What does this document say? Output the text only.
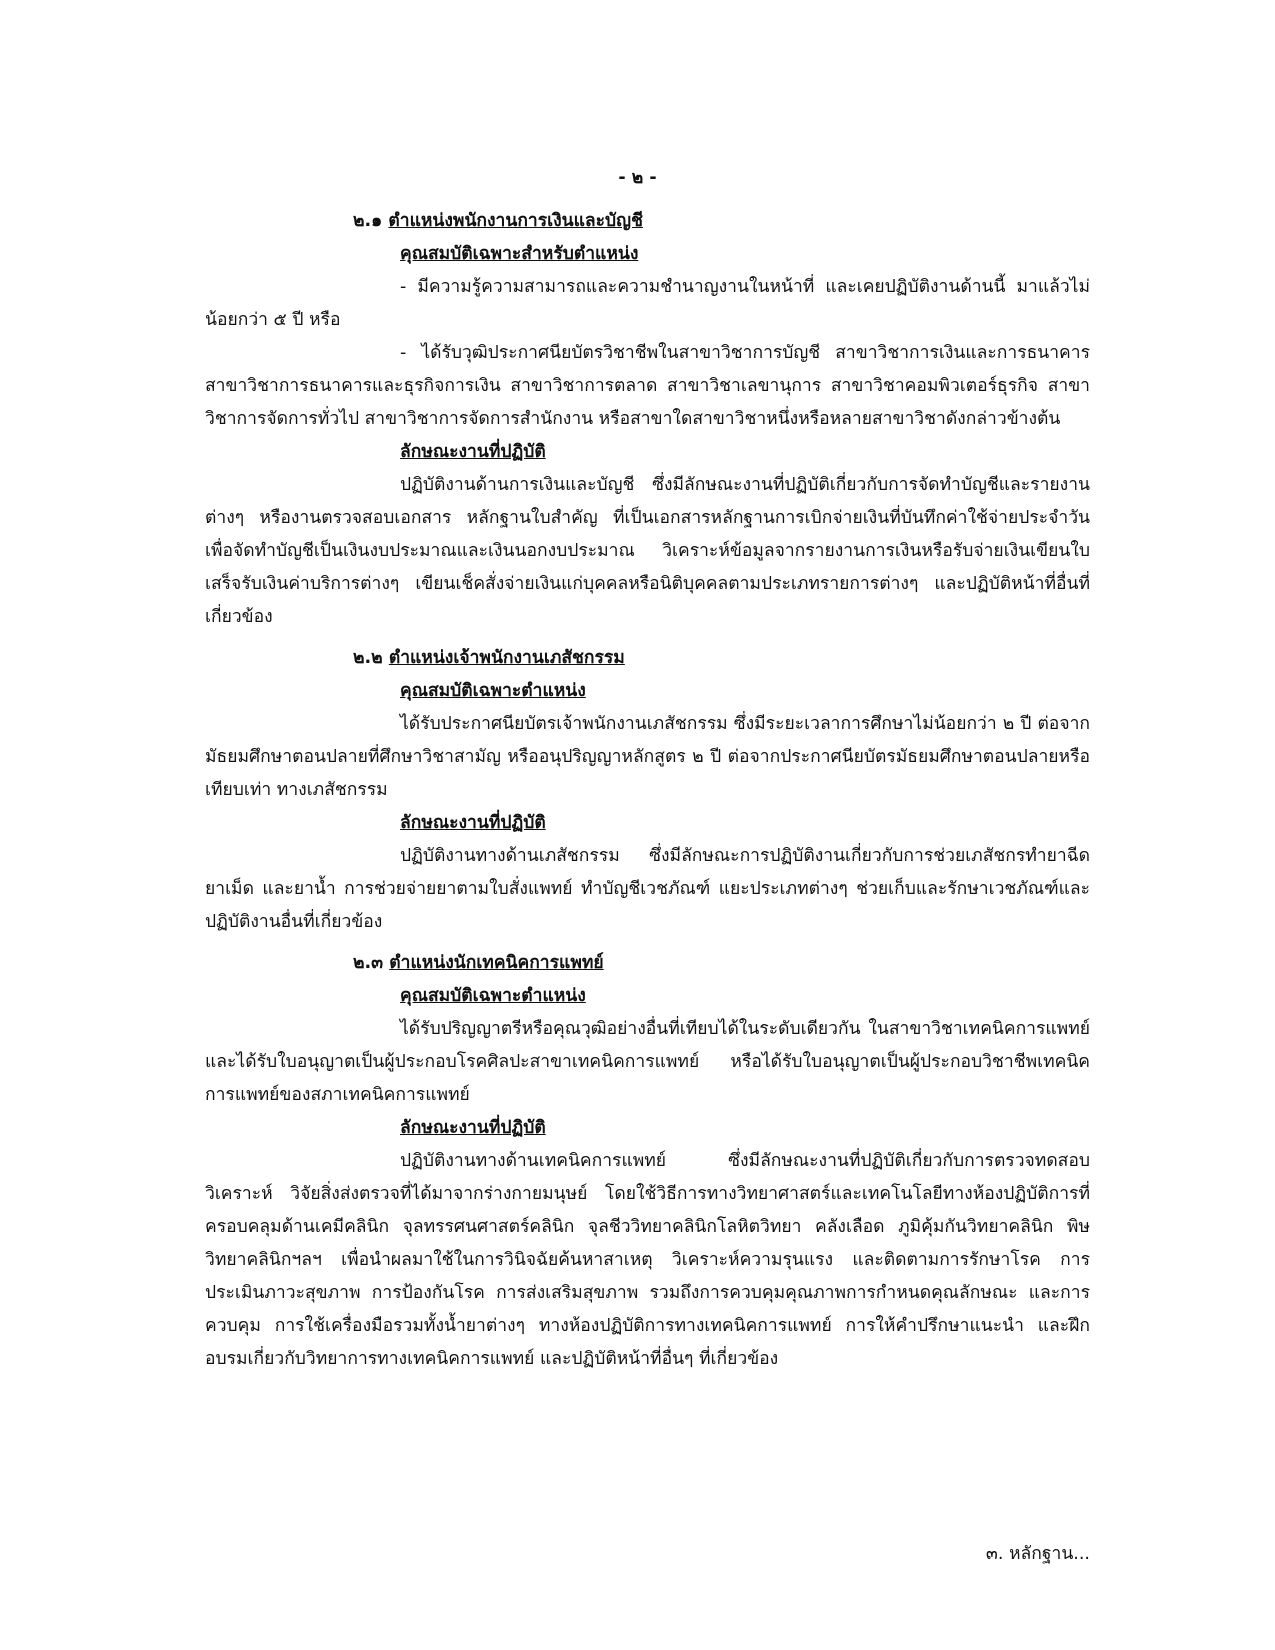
- ๒ -
๒.๑ ตำแหน่งพนักงานการเงินและบัญชี
คุณสมบัติเฉพาะสำหรับตำแหน่ง
- มีความรู้ความสามารถและความชำนาญงานในหน้าที่ และเคยปฏิบัติงานด้านนี้ มาแล้วไม่น้อยกว่า ๕ ปี หรือ
- ได้รับวุฒิประกาศนียบัตรวิชาชีพในสาขาวิชาการบัญชี สาขาวิชาการเงินและการธนาคาร สาขาวิชาการธนาคารและธุรกิจการเงิน สาขาวิชาการตลาด สาขาวิชาเลขานุการ สาขาวิชาคอมพิวเตอร์ธุรกิจ สาขาวิชาการจัดการทั่วไป สาขาวิชาการจัดการสำนักงาน หรือสาขาใดสาขาวิชาหนึ่งหรือหลายสาขาวิชาดังกล่าวข้างต้น
ลักษณะงานที่ปฏิบัติ
ปฏิบัติงานด้านการเงินและบัญชี ซึ่งมีลักษณะงานที่ปฏิบัติเกี่ยวกับการจัดทำบัญชีและรายงานต่างๆ หรืองานตรวจสอบเอกสาร หลักฐานใบสำคัญ ที่เป็นเอกสารหลักฐานการเบิกจ่ายเงินที่บันทึกค่าใช้จ่ายประจำวัน เพื่อจัดทำบัญชีเป็นเงินงบประมาณและเงินนอกงบประมาณ วิเคราะห์ข้อมูลจากรายงานการเงินหรือรับจ่ายเงินเขียนใบเสร็จรับเงินค่าบริการต่างๆ เขียนเช็คสั่งจ่ายเงินแก่บุคคลหรือนิติบุคคลตามประเภทรายการต่างๆ และปฏิบัติหน้าที่อื่นที่เกี่ยวข้อง
๒.๒ ตำแหน่งเจ้าพนักงานเภสัชกรรม
คุณสมบัติเฉพาะตำแหน่ง
ได้รับประกาศนียบัตรเจ้าพนักงานเภสัชกรรม ซึ่งมีระยะเวลาการศึกษาไม่น้อยกว่า ๒ ปี ต่อจากมัธยมศึกษาตอนปลายที่ศึกษาวิชาสามัญ หรืออนุปริญญาหลักสูตร ๒ ปี ต่อจากประกาศนียบัตรมัธยมศึกษาตอนปลายหรือเทียบเท่า ทางเภสัชกรรม
ลักษณะงานที่ปฏิบัติ
ปฏิบัติงานทางด้านเภสัชกรรม ซึ่งมีลักษณะการปฏิบัติงานเกี่ยวกับการช่วยเภสัชกรทำยาฉีด ยาเม็ด และยาน้ำ การช่วยจ่ายยาตามใบสั่งแพทย์ ทำบัญชีเวชภัณฑ์ แยะประเภทต่างๆ ช่วยเก็บและรักษาเวชภัณฑ์และปฏิบัติงานอื่นที่เกี่ยวข้อง
๒.๓ ตำแหน่งนักเทคนิคการแพทย์
คุณสมบัติเฉพาะตำแหน่ง
ได้รับปริญญาตรีหรือคุณวุฒิอย่างอื่นที่เทียบได้ในระดับเดียวกัน ในสาขาวิชาเทคนิคการแพทย์ และได้รับใบอนุญาตเป็นผู้ประกอบโรคศิลปะสาขาเทคนิคการแพทย์ หรือได้รับใบอนุญาตเป็นผู้ประกอบวิชาชีพเทคนิคการแพทย์ของสภาเทคนิคการแพทย์
ลักษณะงานที่ปฏิบัติ
ปฏิบัติงานทางด้านเทคนิคการแพทย์ ซึ่งมีลักษณะงานที่ปฏิบัติเกี่ยวกับการตรวจทดสอบวิเคราะห์ วิจัยสิ่งส่งตรวจที่ได้มาจากร่างกายมนุษย์ โดยใช้วิธีการทางวิทยาศาสตร์และเทคโนโลยีทางห้องปฏิบัติการที่ครอบคลุมด้านเคมีคลินิก จุลทรรศนศาสตร์คลินิก จุลชีววิทยาคลินิกโลหิตวิทยา คลังเลือด ภูมิคุ้มกันวิทยาคลินิก พิษวิทยาคลินิกฯลฯ เพื่อนำผลมาใช้ในการวินิจฉัยค้นหาสาเหตุ วิเคราะห์ความรุนแรง และติดตามการรักษาโรค การประเมินภาวะสุขภาพ การป้องกันโรค การส่งเสริมสุขภาพ รวมถึงการควบคุมคุณภาพการกำหนดคุณลักษณะ และการควบคุม การใช้เครื่องมือรวมทั้งน้ำยาต่างๆ ทางห้องปฏิบัติการทางเทคนิคการแพทย์ การให้คำปรึกษาแนะนำ และฝึกอบรมเกี่ยวกับวิทยาการทางเทคนิคการแพทย์ และปฏิบัติหน้าที่อื่นๆ ที่เกี่ยวข้อง
๓. หลักฐาน...
